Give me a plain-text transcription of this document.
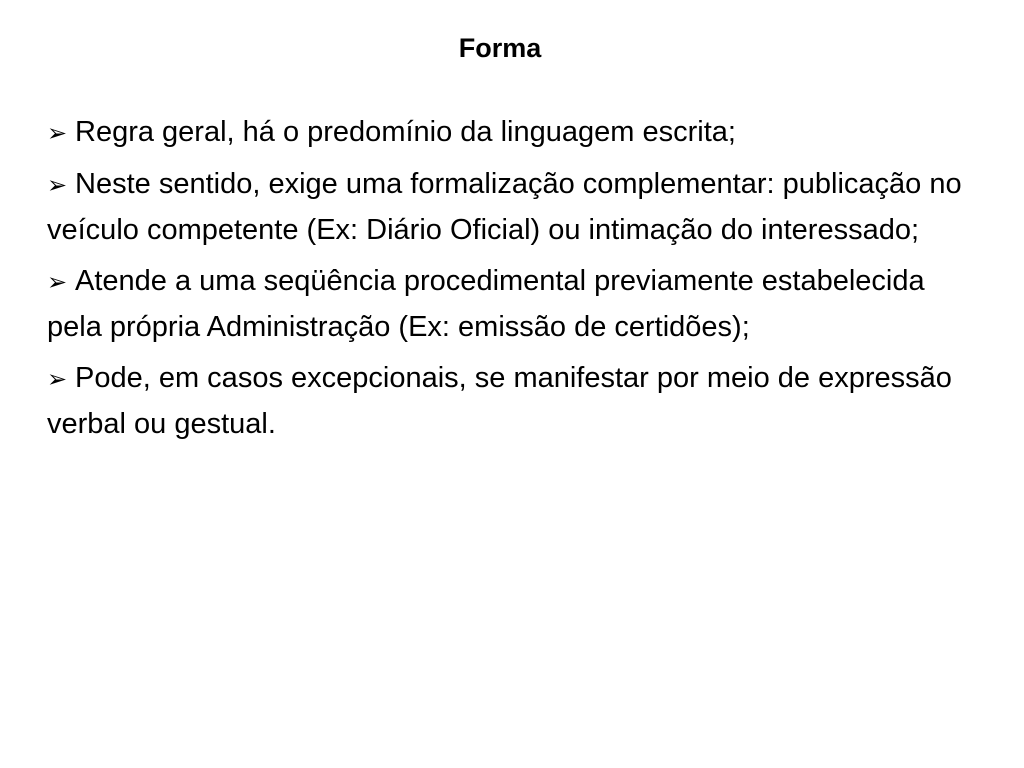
Forma
➢ Regra geral, há o predomínio da linguagem escrita;
➢ Neste sentido, exige uma formalização complementar: publicação no veículo competente (Ex: Diário Oficial) ou intimação do interessado;
➢ Atende a uma seqüência procedimental previamente estabelecida pela própria Administração (Ex: emissão de certidões);
➢ Pode, em casos excepcionais, se manifestar por meio de expressão verbal ou gestual.
